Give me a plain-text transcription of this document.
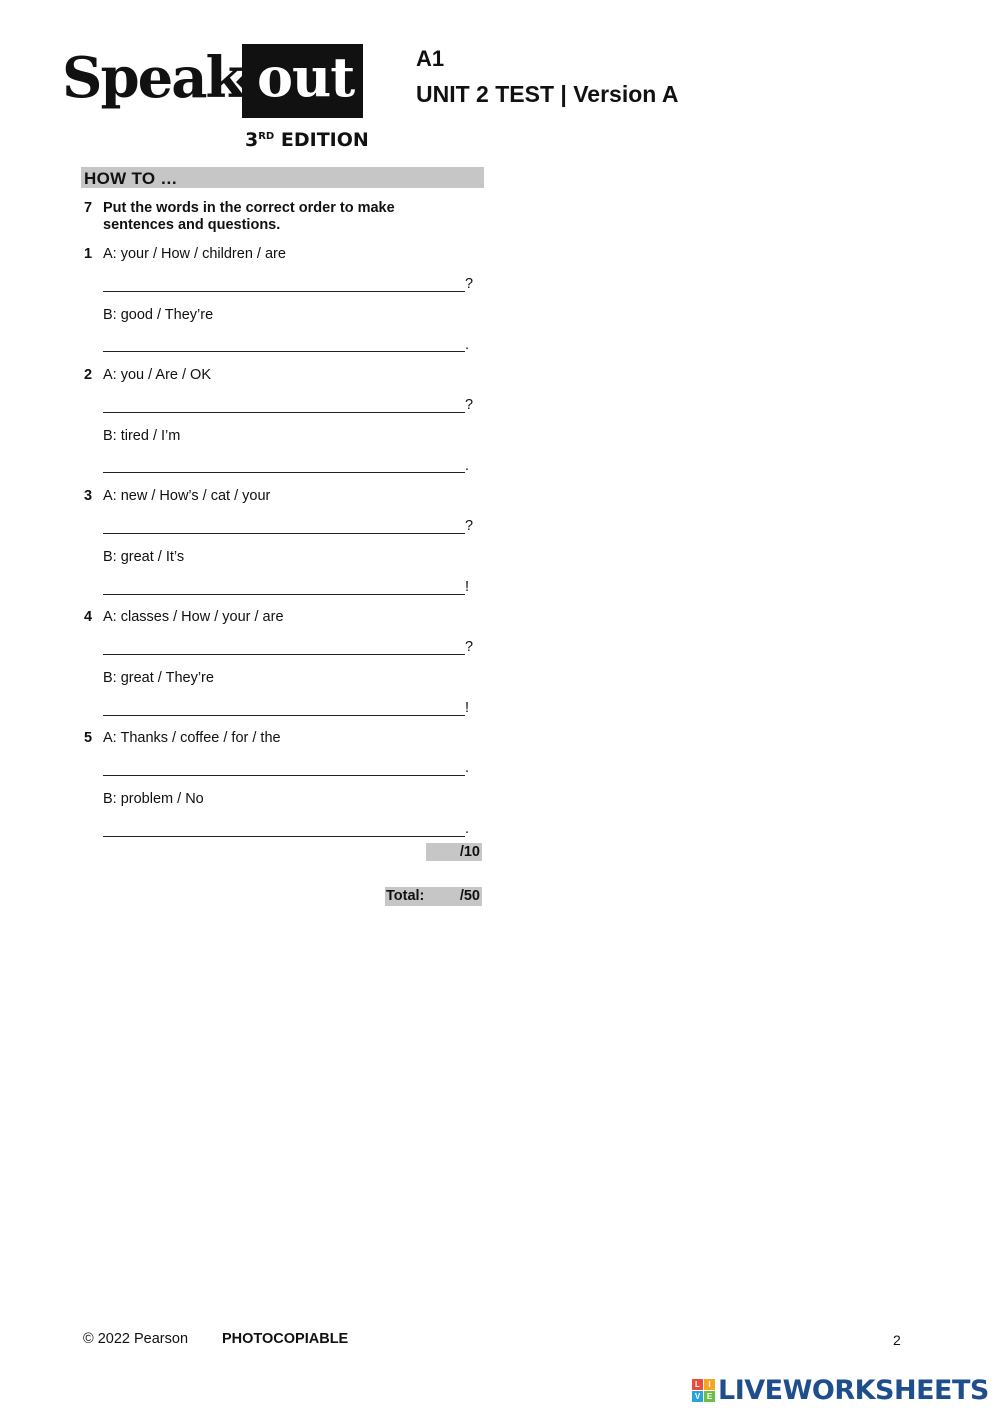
Speak out
3RD EDITION
A1
UNIT 2 TEST | Version A
HOW TO …
7 Put the words in the correct order to make sentences and questions.
1 A: your / How / children / are
?
B: good / They’re
.
2 A: you / Are / OK
?
B: tired / I’m
.
3 A: new / How’s / cat / your
?
B: great / It’s
!
4 A: classes / How / your / are
?
B: great / They’re
!
5 A: Thanks / coffee / for / the
.
B: problem / No
.
/10
Total:	/50
© 2022 Pearson PHOTOCOPIABLE	2
L	I
V E LIVEWORKSHEETS
